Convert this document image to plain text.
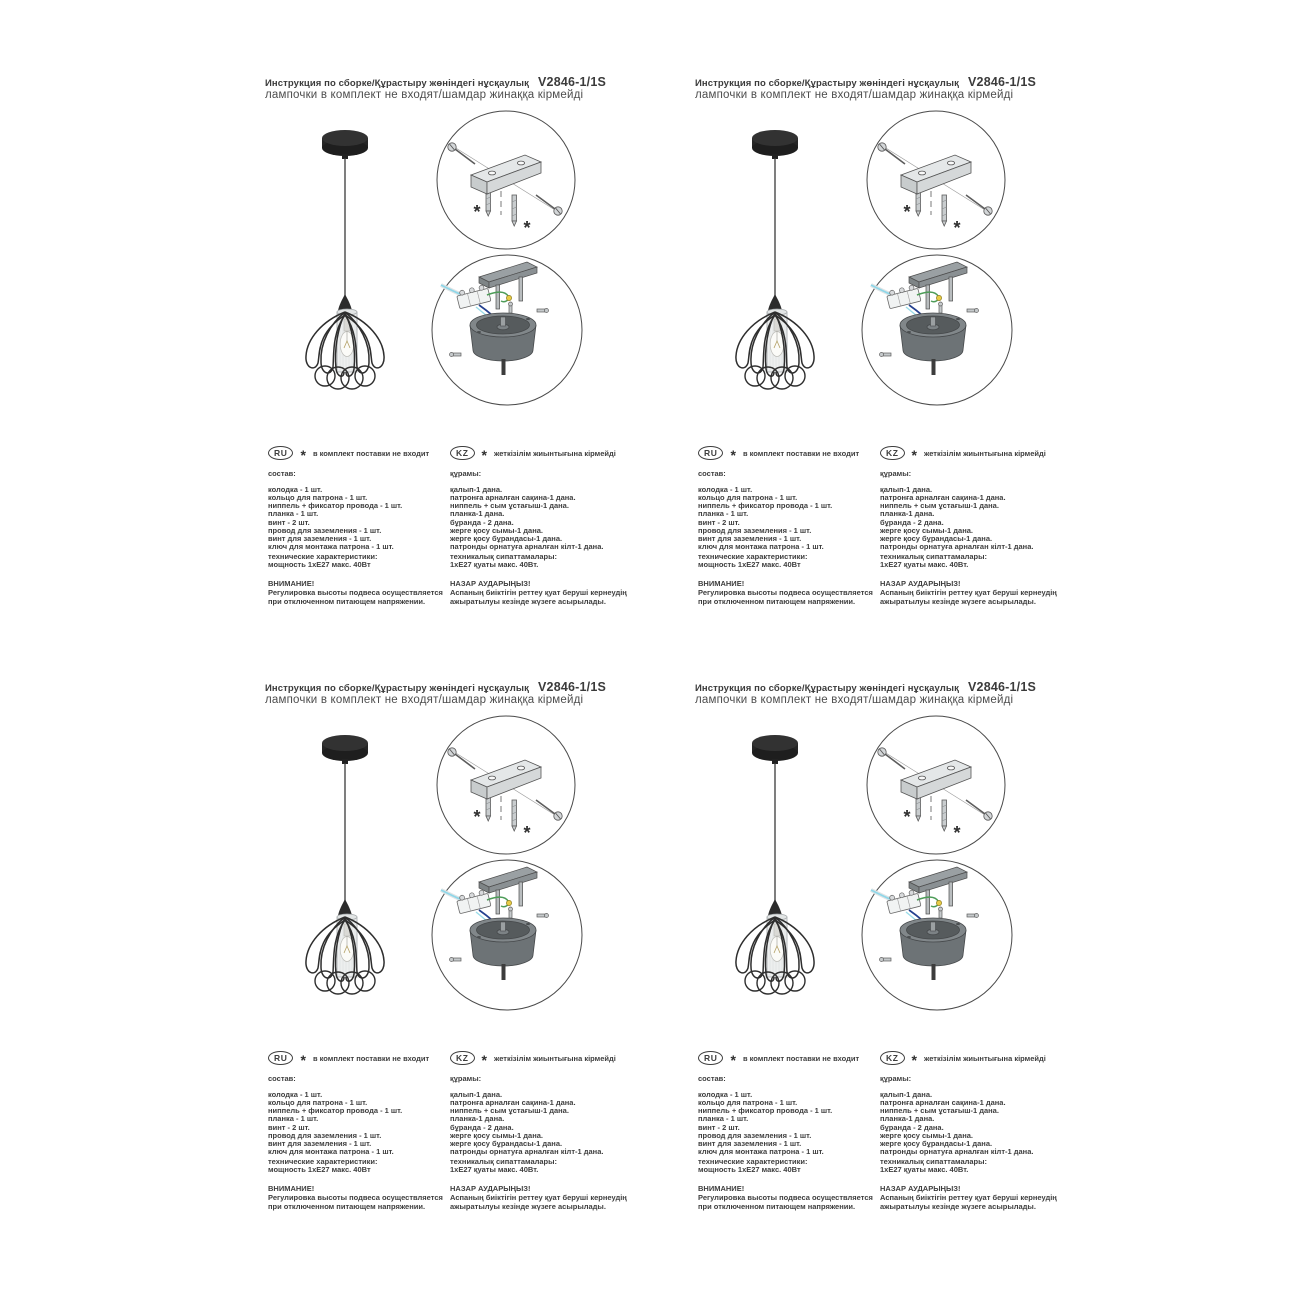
Инструкция по сборке/Құрастыру жөніндегі нұсқаулық V2846-1/1S
лампочки в комплект не входят/шамдар жинаққа кірмейді
*
*
RU * в комплект поставки не входит
состав:
колодка - 1 шт.
кольцо для патрона - 1 шт.
ниппель + фиксатор провода - 1 шт.
планка - 1 шт.
винт - 2 шт.
провод для заземления - 1 шт.
винт для заземления - 1 шт.
ключ для монтажа патрона - 1 шт.
технические характеристики:
мощность 1хЕ27 макс. 40Вт
ВНИМАНИЕ!
Регулировка высоты подвеса осуществляется
при отключенном питающем напряжении.
KZ * жеткізілім жиынтығына кірмейді
құрамы:
қалып-1 дана.
патронға арналған сақина-1 дана.
ниппель + сым ұстағыш-1 дана.
планка-1 дана.
бұранда - 2 дана.
жерге қосу сымы-1 дана.
жерге қосу бұрандасы-1 дана.
патронды орнатуға арналған кілт-1 дана.
техникалық сипаттамалары:
1хЕ27 қуаты макс. 40Вт.
НАЗАР АУДАРЫҢЫЗ!
Аспаның биіктігін реттеу қуат беруші кернеудің
ажыратылуы кезінде жүзеге асырылады.
Инструкция по сборке/Құрастыру жөніндегі нұсқаулық V2846-1/1S
лампочки в комплект не входят/шамдар жинаққа кірмейді
*
*
RU * в комплект поставки не входит
состав:
колодка - 1 шт.
кольцо для патрона - 1 шт.
ниппель + фиксатор провода - 1 шт.
планка - 1 шт.
винт - 2 шт.
провод для заземления - 1 шт.
винт для заземления - 1 шт.
ключ для монтажа патрона - 1 шт.
технические характеристики:
мощность 1хЕ27 макс. 40Вт
ВНИМАНИЕ!
Регулировка высоты подвеса осуществляется
при отключенном питающем напряжении.
KZ * жеткізілім жиынтығына кірмейді
құрамы:
қалып-1 дана.
патронға арналған сақина-1 дана.
ниппель + сым ұстағыш-1 дана.
планка-1 дана.
бұранда - 2 дана.
жерге қосу сымы-1 дана.
жерге қосу бұрандасы-1 дана.
патронды орнатуға арналған кілт-1 дана.
техникалық сипаттамалары:
1хЕ27 қуаты макс. 40Вт.
НАЗАР АУДАРЫҢЫЗ!
Аспаның биіктігін реттеу қуат беруші кернеудің
ажыратылуы кезінде жүзеге асырылады.
Инструкция по сборке/Құрастыру жөніндегі нұсқаулық V2846-1/1S
лампочки в комплект не входят/шамдар жинаққа кірмейді
*
*
RU * в комплект поставки не входит
состав:
колодка - 1 шт.
кольцо для патрона - 1 шт.
ниппель + фиксатор провода - 1 шт.
планка - 1 шт.
винт - 2 шт.
провод для заземления - 1 шт.
винт для заземления - 1 шт.
ключ для монтажа патрона - 1 шт.
технические характеристики:
мощность 1хЕ27 макс. 40Вт
ВНИМАНИЕ!
Регулировка высоты подвеса осуществляется
при отключенном питающем напряжении.
KZ * жеткізілім жиынтығына кірмейді
құрамы:
қалып-1 дана.
патронға арналған сақина-1 дана.
ниппель + сым ұстағыш-1 дана.
планка-1 дана.
бұранда - 2 дана.
жерге қосу сымы-1 дана.
жерге қосу бұрандасы-1 дана.
патронды орнатуға арналған кілт-1 дана.
техникалық сипаттамалары:
1хЕ27 қуаты макс. 40Вт.
НАЗАР АУДАРЫҢЫЗ!
Аспаның биіктігін реттеу қуат беруші кернеудің
ажыратылуы кезінде жүзеге асырылады.
Инструкция по сборке/Құрастыру жөніндегі нұсқаулық V2846-1/1S
лампочки в комплект не входят/шамдар жинаққа кірмейді
*
*
RU * в комплект поставки не входит
состав:
колодка - 1 шт.
кольцо для патрона - 1 шт.
ниппель + фиксатор провода - 1 шт.
планка - 1 шт.
винт - 2 шт.
провод для заземления - 1 шт.
винт для заземления - 1 шт.
ключ для монтажа патрона - 1 шт.
технические характеристики:
мощность 1хЕ27 макс. 40Вт
ВНИМАНИЕ!
Регулировка высоты подвеса осуществляется
при отключенном питающем напряжении.
KZ * жеткізілім жиынтығына кірмейді
құрамы:
қалып-1 дана.
патронға арналған сақина-1 дана.
ниппель + сым ұстағыш-1 дана.
планка-1 дана.
бұранда - 2 дана.
жерге қосу сымы-1 дана.
жерге қосу бұрандасы-1 дана.
патронды орнатуға арналған кілт-1 дана.
техникалық сипаттамалары:
1хЕ27 қуаты макс. 40Вт.
НАЗАР АУДАРЫҢЫЗ!
Аспаның биіктігін реттеу қуат беруші кернеудің
ажыратылуы кезінде жүзеге асырылады.
